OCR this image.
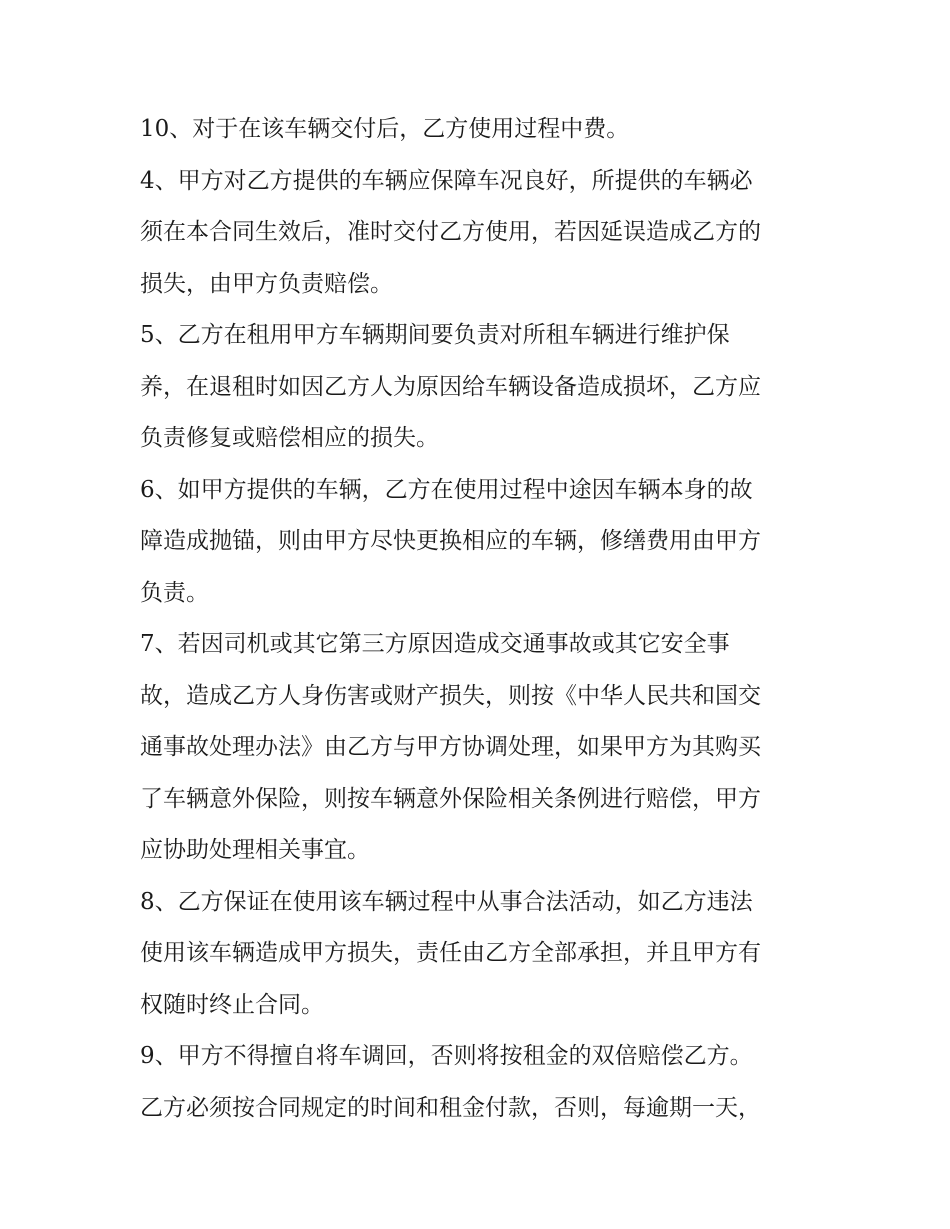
10、对于在该车辆交付后，乙方使用过程中费。
4、甲方对乙方提供的车辆应保障车况良好，所提供的车辆必
须在本合同生效后，准时交付乙方使用，若因延误造成乙方的
损失，由甲方负责赔偿。
5、乙方在租用甲方车辆期间要负责对所租车辆进行维护保
养，在退租时如因乙方人为原因给车辆设备造成损坏，乙方应
负责修复或赔偿相应的损失。
6、如甲方提供的车辆，乙方在使用过程中途因车辆本身的故
障造成抛锚，则由甲方尽快更换相应的车辆，修缮费用由甲方
负责。
7、若因司机或其它第三方原因造成交通事故或其它安全事
故，造成乙方人身伤害或财产损失，则按《中华人民共和国交
通事故处理办法》由乙方与甲方协调处理，如果甲方为其购买
了车辆意外保险，则按车辆意外保险相关条例进行赔偿，甲方
应协助处理相关事宜。
8、乙方保证在使用该车辆过程中从事合法活动，如乙方违法
使用该车辆造成甲方损失，责任由乙方全部承担，并且甲方有
权随时终止合同。
9、甲方不得擅自将车调回，否则将按租金的双倍赔偿乙方。
乙方必须按合同规定的时间和租金付款，否则，每逾期一天，
